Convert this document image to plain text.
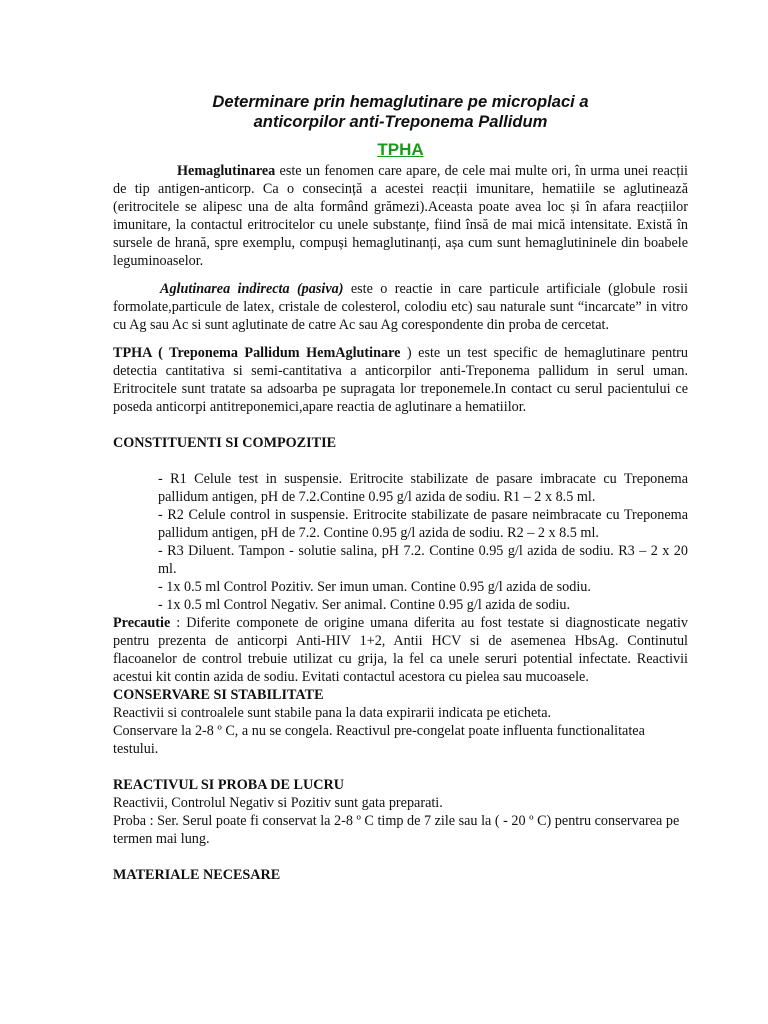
Determinare prin hemaglutinare pe microplaci a

anticorpilor anti-Treponema Pallidum

TPHA

Hemaglutinarea este un fenomen care apare, de cele mai multe ori, în urma unei reacții de tip antigen-anticorp. Ca o consecință a acestei reacții imunitare, hematiile se aglutinează (eritrocitele se alipesc una de alta formând grămezi).Aceasta poate avea loc și în afara reacțiilor imunitare, la contactul eritrocitelor cu unele substanțe, fiind însă de mai mică intensitate. Există în sursele de hrană, spre exemplu, compuși hemaglutinanți, așa cum sunt hemaglutininele din boabele leguminoaselor.

Aglutinarea indirecta (pasiva) este o reactie in care particule artificiale (globule rosii formolate,particule de latex, cristale de colesterol, colodiu etc) sau naturale sunt “incarcate” in vitro cu Ag sau Ac si sunt aglutinate de catre Ac sau Ag corespondente din proba de cercetat.

TPHA ( Treponema Pallidum HemAglutinare ) este un test specific de hemaglutinare pentru detectia cantitativa si semi-cantitativa a anticorpilor anti-Treponema pallidum in serul uman. Eritrocitele sunt tratate sa adsoarba pe supragata lor treponemele.In contact cu serul pacientului ce poseda anticorpi antitreponemici,apare reactia de aglutinare a hematiilor.

CONSTITUENTI SI COMPOZITIE

- R1 Celule test in suspensie. Eritrocite stabilizate de pasare imbracate cu Treponema pallidum antigen, pH de 7.2.Contine 0.95 g/l azida de sodiu. R1 – 2 x 8.5 ml.
- R2 Celule control in suspensie. Eritrocite stabilizate de pasare neimbracate cu Treponema pallidum antigen, pH de 7.2. Contine 0.95 g/l azida de sodiu. R2 – 2 x 8.5 ml.
- R3 Diluent. Tampon - solutie salina, pH 7.2. Contine 0.95 g/l azida de sodiu. R3 – 2 x 20 ml.
- 1x 0.5 ml Control Pozitiv. Ser imun uman. Contine 0.95 g/l azida de sodiu.
- 1x 0.5 ml Control Negativ. Ser animal. Contine 0.95 g/l azida de sodiu.

Precautie : Diferite componete de origine umana diferita au fost testate si diagnosticate negativ pentru prezenta de anticorpi Anti-HIV 1+2, Antii HCV si de asemenea HbsAg. Continutul flacoanelor de control trebuie utilizat cu grija, la fel ca unele seruri potential infectate. Reactivii acestui kit contin azida de sodiu. Evitati contactul acestora cu pielea sau mucoasele.

CONSERVARE SI STABILITATE

Reactivii si controalele sunt stabile pana la data expirarii indicata pe eticheta.

Conservare la 2-8 º C, a nu se congela. Reactivul pre-congelat poate influenta functionalitatea testului.

REACTIVUL SI PROBA DE LUCRU

Reactivii, Controlul Negativ si Pozitiv sunt gata preparati.

Proba : Ser. Serul poate fi conservat la 2-8 º C timp de 7 zile sau la ( - 20 º C) pentru conservarea pe termen mai lung.

MATERIALE NECESARE
